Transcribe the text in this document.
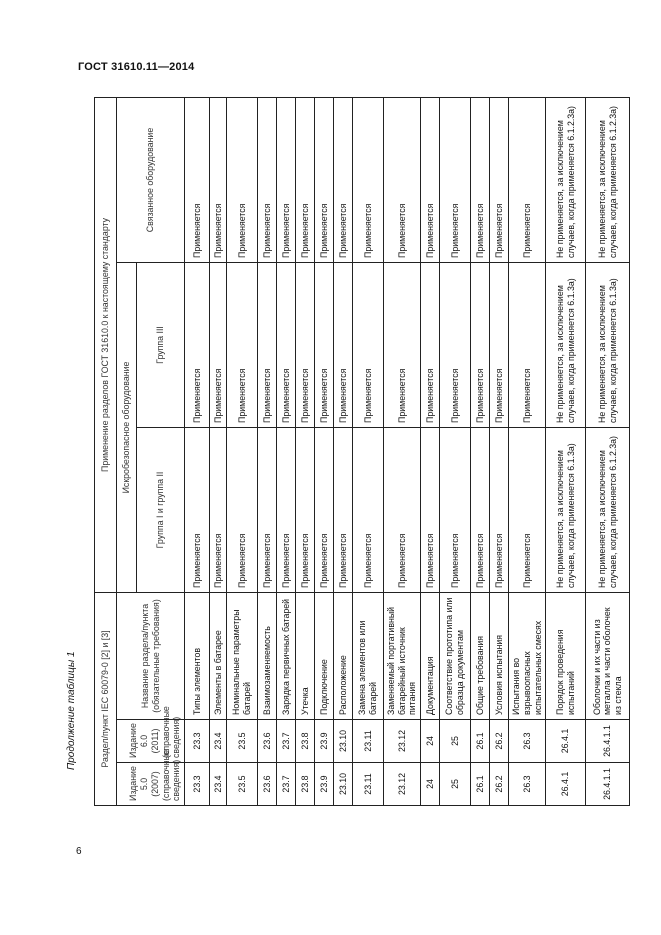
ГОСТ 31610.11—2014
Продолжение таблицы 1
6
Раздел/пункт IEC 60079-0 [2] и [3]			Применение разделов ГОСТ 31610.0 к настоящему стандарту		
Издание 5.0 (2007) (справочные сведения)	Издание 6.0 (2011) (справочные сведения)	Название раздела/пункта (обязательные требования)	Искробезопасное оборудование		Связанное оборудование
			Группа I и группа II	Группа III	
23.3	23.3	Типы элементов	Применяется	Применяется	Применяется
23.4	23.4	Элементы в батарее	Применяется	Применяется	Применяется
23.5	23.5	Номинальные параметры батарей	Применяется	Применяется	Применяется
23.6	23.6	Взаимозаменяемость	Применяется	Применяется	Применяется
23.7	23.7	Зарядка первичных батарей	Применяется	Применяется	Применяется
23.8	23.8	Утечка	Применяется	Применяется	Применяется
23.9	23.9	Подключение	Применяется	Применяется	Применяется
23.10	23.10	Расположение	Применяется	Применяется	Применяется
23.11	23.11	Замена элементов или батарей	Применяется	Применяется	Применяется
23.12	23.12	Заменяемый портативный батарейный источник питания	Применяется	Применяется	Применяется
24	24	Документация	Применяется	Применяется	Применяется
25	25	Соответствие прототипа или образца документам	Применяется	Применяется	Применяется
26.1	26.1	Общие требования	Применяется	Применяется	Применяется
26.2	26.2	Условия испытания	Применяется	Применяется	Применяется
26.3	26.3	Испытания во взрывоопасных испытательных смесях	Применяется	Применяется	Применяется
26.4.1	26.4.1	Порядок проведения испытаний	Не применяется, за исключением случаев, когда применяется 6.1.3а)	Не применяется, за исключением случаев, когда применяется 6.1.3а)	Не применяется, за исключением случаев, когда применяется 6.1.2.3а)
26.4.1.1	26.4.1.1	Оболочки и их части из металла и части оболочек из стекла	Не применяется, за исключением случаев, когда применяется 6.1.2.3а)	Не применяется, за исключением случаев, когда применяется 6.1.3а)	Не применяется, за исключением случаев, когда применяется 6.1.2.3а)
